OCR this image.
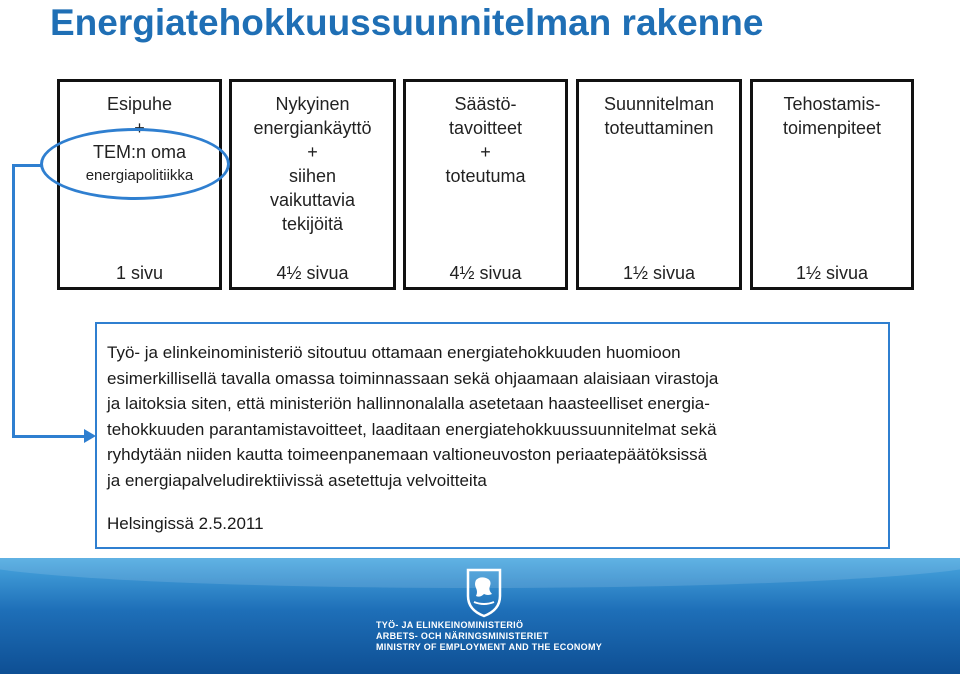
Energiatehokkuussuunnitelman rakenne
Esipuhe
+
TEM:n oma
energiapolitiikka
1 sivu
Nykyinen
energiankäyttö
+
siihen
vaikuttavia
tekijöitä
4½ sivua
Säästö-
tavoitteet
+
toteutuma
4½ sivua
Suunnitelman
toteuttaminen
1½ sivua
Tehostamis-
toimenpiteet
1½ sivua
Työ- ja elinkeinoministeriö sitoutuu ottamaan energiatehokkuuden huomioon
esimerkillisellä tavalla omassa toiminnassaan sekä ohjaamaan alaisiaan virastoja
ja laitoksia siten, että ministeriön hallinnonalalla asetetaan haasteelliset energia-
tehokkuuden parantamistavoitteet, laaditaan energiatehokkuussuunnitelmat sekä
ryhdytään niiden kautta toimeenpanemaan valtioneuvoston periaatepäätöksissä
ja energiapalveludirektiivissä asetettuja velvoitteita
Helsingissä 2.5.2011
TYÖ- JA ELINKEINOMINISTERIÖ
ARBETS- OCH NÄRINGSMINISTERIET
MINISTRY OF EMPLOYMENT AND THE ECONOMY
